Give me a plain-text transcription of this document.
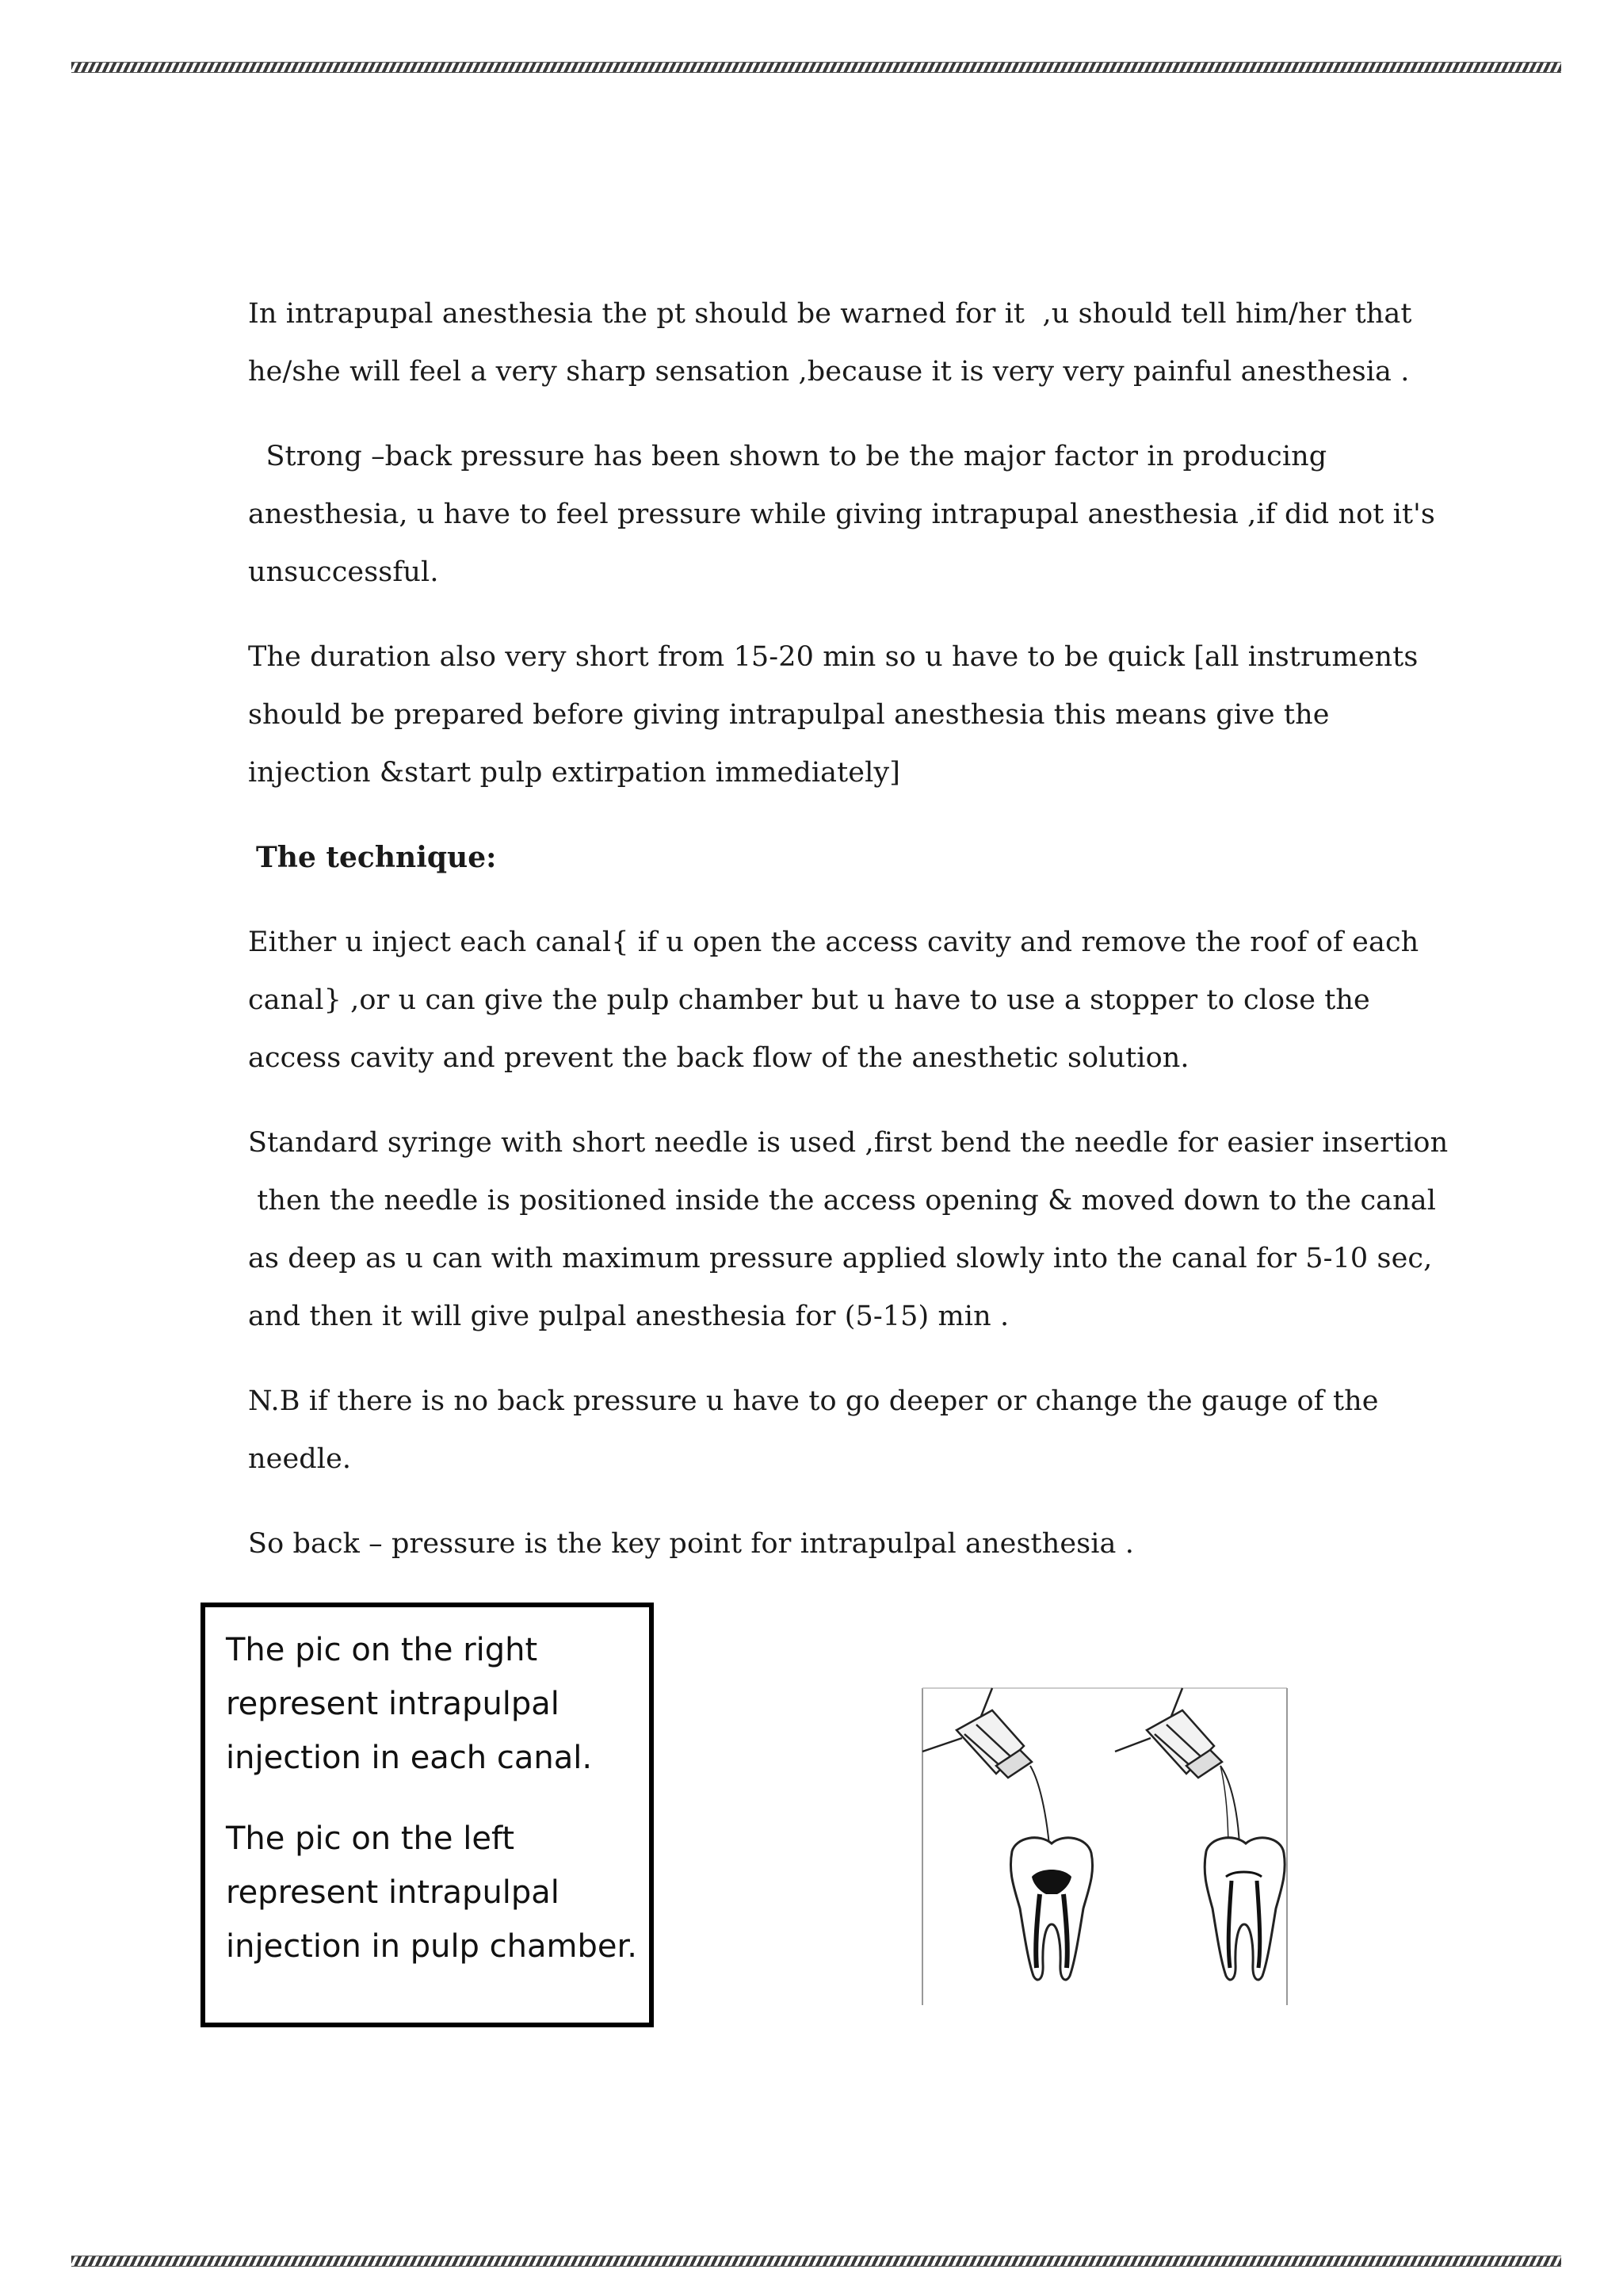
In intrapupal anesthesia the pt should be warned for it  ,u should tell him/her that
he/she will feel a very sharp sensation ,because it is very very painful anesthesia .

Strong –back pressure has been shown to be the major factor in producing
anesthesia, u have to feel pressure while giving intrapupal anesthesia ,if did not it's
unsuccessful.

The duration also very short from 15-20 min so u have to be quick [all instruments
should be prepared before giving intrapulpal anesthesia this means give the
injection &start pulp extirpation immediately]

The technique:

Either u inject each canal{ if u open the access cavity and remove the roof of each
canal} ,or u can give the pulp chamber but u have to use a stopper to close the
access cavity and prevent the back flow of the anesthetic solution.

Standard syringe with short needle is used ,first bend the needle for easier insertion
then the needle is positioned inside the access opening & moved down to the canal
as deep as u can with maximum pressure applied slowly into the canal for 5-10 sec,
and then it will give pulpal anesthesia for (5-15) min .

N.B if there is no back pressure u have to go deeper or change the gauge of the
needle.

So back – pressure is the key point for intrapulpal anesthesia .

The pic on the right
represent intrapulpal
injection in each canal.

The pic on the left
represent intrapulpal
injection in pulp chamber.
